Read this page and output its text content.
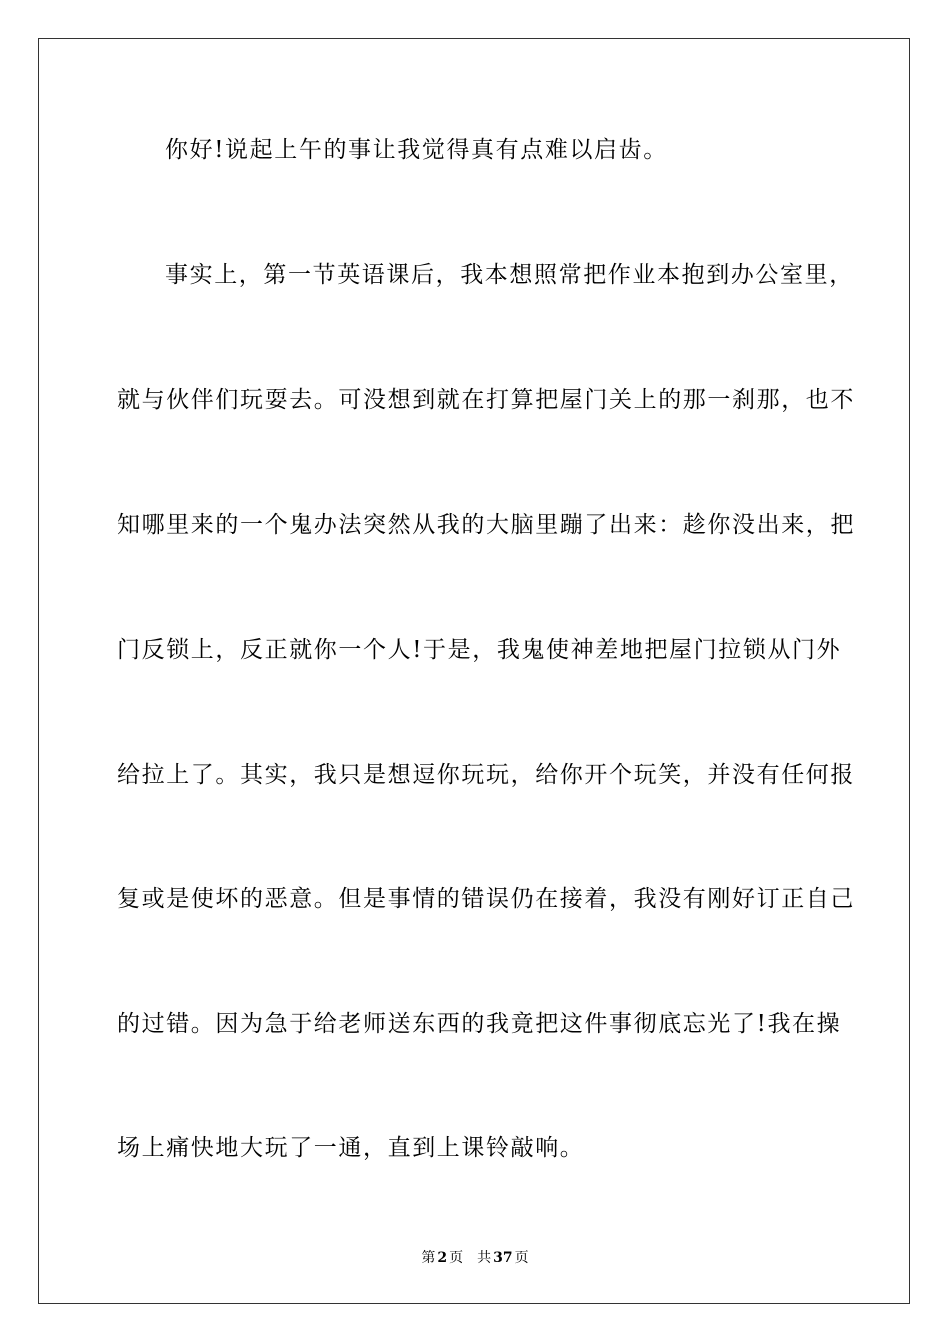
你好!说起上午的事让我觉得真有点难以启齿。
事实上，第一节英语课后，我本想照常把作业本抱到办公室里，
就与伙伴们玩耍去。可没想到就在打算把屋门关上的那一刹那，也不
知哪里来的一个鬼办法突然从我的大脑里蹦了出来：趁你没出来，把
门反锁上，反正就你一个人!于是，我鬼使神差地把屋门拉锁从门外
给拉上了。其实，我只是想逗你玩玩，给你开个玩笑，并没有任何报
复或是使坏的恶意。但是事情的错误仍在接着，我没有刚好订正自己
的过错。因为急于给老师送东西的我竟把这件事彻底忘光了!我在操
场上痛快地大玩了一通，直到上课铃敲响。
第 2 页 共 37 页
